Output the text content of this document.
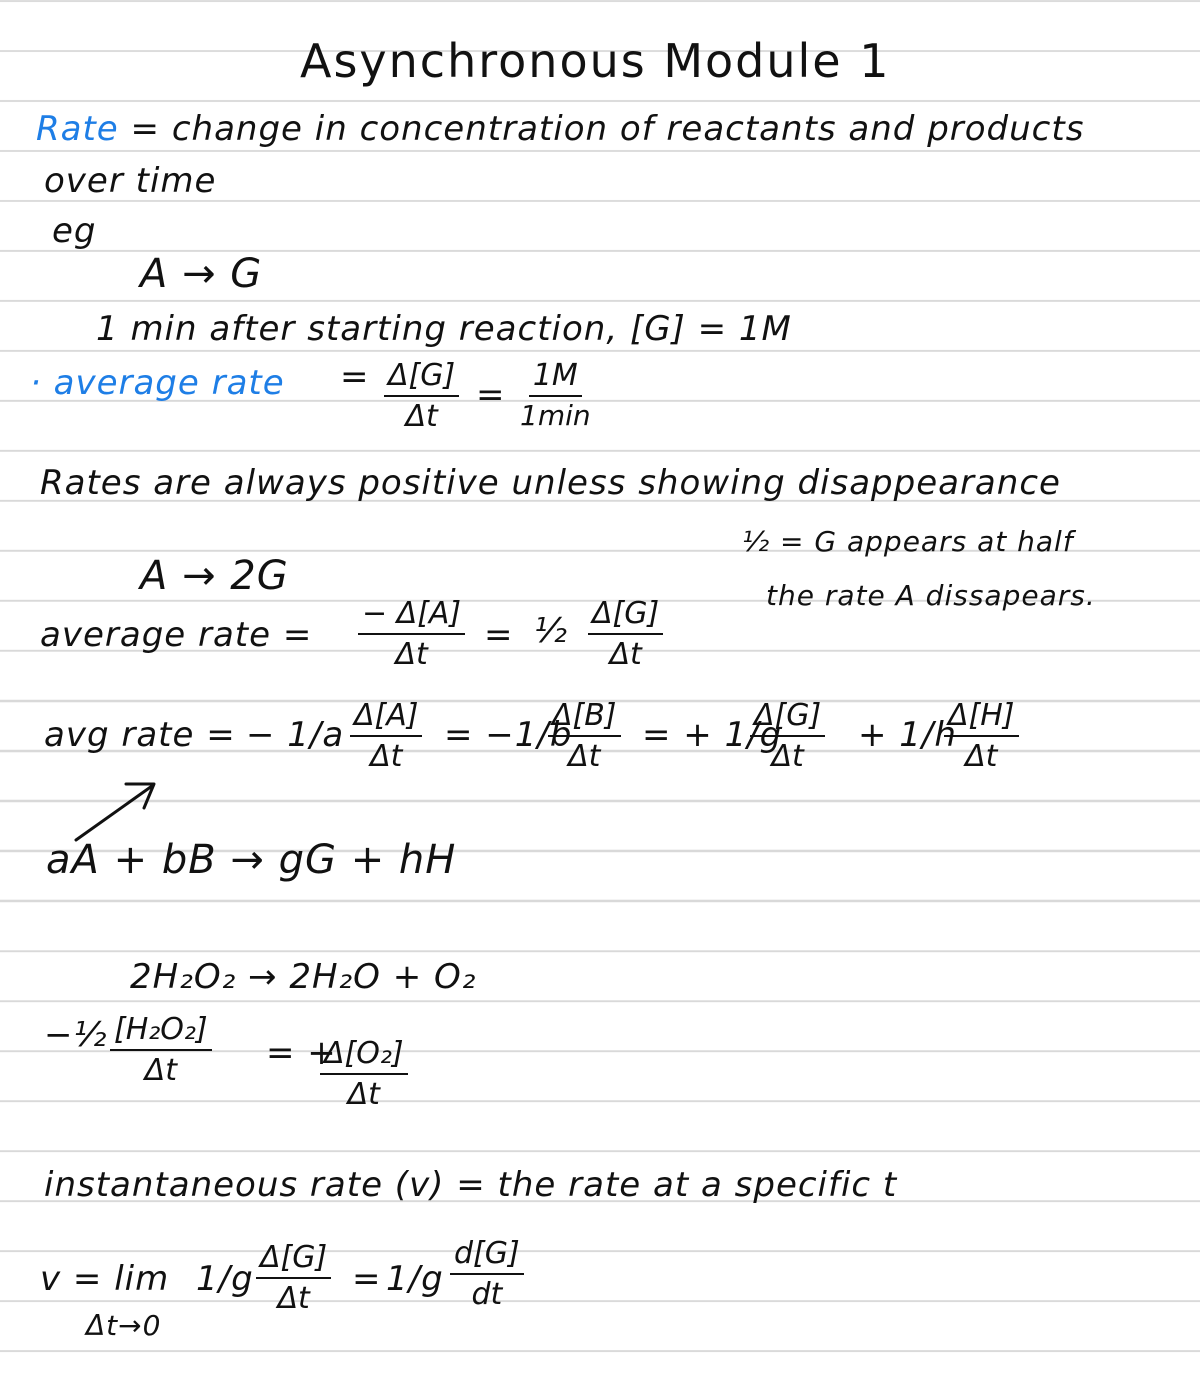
Asynchronous Module 1
Rate = change in concentration of reactants and products
over time
eg
A → G
1 min after starting reaction, [G] = 1M
· average rate = $\frac{\Delta[G]}{\Delta t} = 1M$
1min
Rates are always positive unless showing disappearance
½ = G appears at half
the rate A dissapears.
A → 2G
average rate = $\frac{- \Delta[A]}{\Delta t}$ = ½ $\frac{\Delta[G]}{\Delta t}$
avg rate = − $1/a \frac{\Delta[A]}{\Delta t} = -1/b$
$\frac{\Delta[B]}{\Delta t}$ = + 1/g
$\frac{\Delta[G]}{\Delta t} + 1/h$
$\frac{\Delta[H]}{\Delta t}$
aA + bB → gG + hH
2H₂O₂ → 2H₂O + O₂
−½ $\frac{\text{[H₂O₂]}}{\Delta t}$ = +
$\frac{\text{Δ[O₂]}}{\Delta t}$
instantaneous rate (v) = the rate at a specific t
v = lim
Δt→0
$1/g \frac{\Delta[G]}{\Delta t} = 1/g \frac{d[G]}{dt}$
